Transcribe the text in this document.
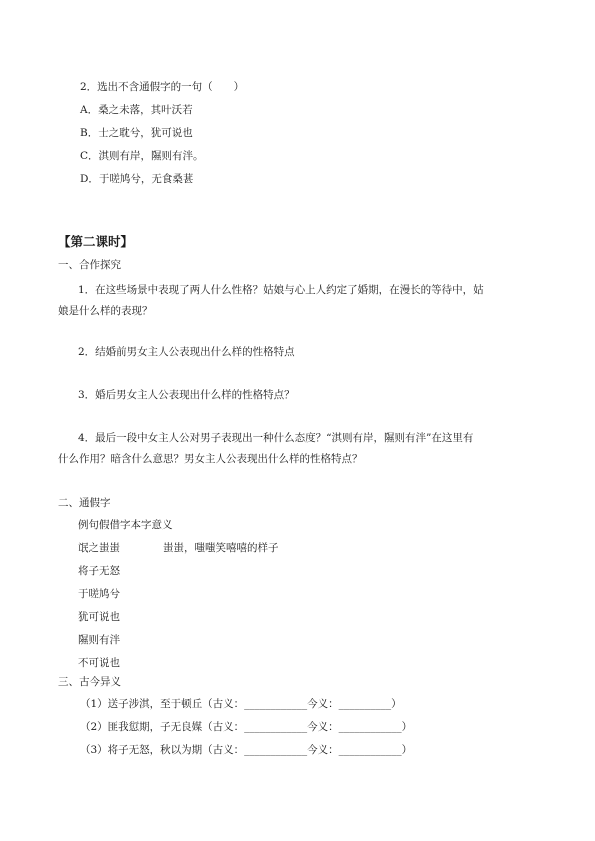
2．选出不含通假字的一句（　　）
A．桑之未落，其叶沃若
B．士之耽兮，犹可说也
C．淇则有岸，隰则有泮。
D．于嗟鸠兮，无食桑葚
【第二课时】
一、合作探究
1．在这些场景中表现了两人什么性格？姑娘与心上人约定了婚期，在漫长的等待中，姑
娘是什么样的表现？
2．结婚前男女主人公表现出什么样的性格特点
3．婚后男女主人公表现出什么样的性格特点？
4．最后一段中女主人公对男子表现出一种什么态度？“淇则有岸，隰则有泮”在这里有
什么作用？暗含什么意思？男女主人公表现出什么样的性格特点？
二、通假字
例句假借字本字意义
氓之蚩蚩	蚩蚩，嗤嗤笑嘻嘻的样子
将子无怒
于嗟鸠兮
犹可说也
隰则有泮
不可说也
三、古今异义
（1）送子涉淇，至于顿丘（古义：____________今义：__________）
（2）匪我愆期，子无良媒（古义：____________今义：____________）
（3）将子无怒，秋以为期（古义：____________今义：____________）
